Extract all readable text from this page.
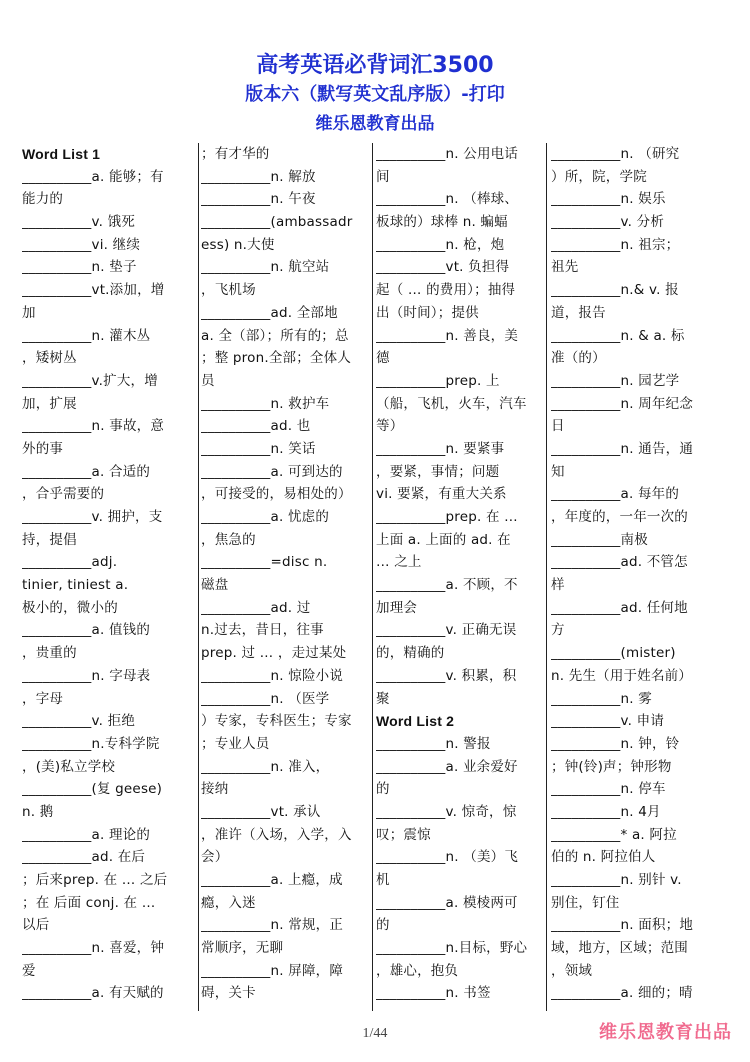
高考英语必背词汇3500
版本六（默写英文乱序版）-打印
维乐恩教育出品
Word List 1
__________a. 能够；有
能力的
__________v. 饿死
__________vi. 继续
__________n. 垫子
__________vt.添加，增
加
__________n. 灌木丛
，矮树丛
__________v.扩大，增
加，扩展
__________n. 事故，意
外的事
__________a. 合适的
，合乎需要的
__________v. 拥护，支
持，提倡
__________adj.
tinier, tiniest a.
极小的，微小的
__________a. 值钱的
，贵重的
__________n. 字母表
，字母
__________v. 拒绝
__________n.专科学院
，(美)私立学校
__________(复 geese)
n. 鹅
__________a. 理论的
__________ad. 在后
；后来prep. 在 … 之后
；在 后面 conj. 在 …
以后
__________n. 喜爱，钟
爱
__________a. 有天赋的
；有才华的
__________n. 解放
__________n. 午夜
__________(ambassadr
ess) n.大使
__________n. 航空站
，飞机场
__________ad. 全部地
a. 全（部）；所有的；总
；整 pron.全部；全体人
员
__________n. 救护车
__________ad. 也
__________n. 笑话
__________a. 可到达的
，可接受的，易相处的）
__________a. 忧虑的
，焦急的
__________=disc n.
磁盘
__________ad. 过
n.过去，昔日，往事
prep. 过 … ，走过某处
__________n. 惊险小说
__________n. （医学
）专家，专科医生；专家
；专业人员
__________n. 准入，
接纳
__________vt. 承认
，准许（入场，入学，入
会）
__________a. 上瘾，成
瘾，入迷
__________n. 常规，正
常顺序，无聊
__________n. 屏障，障
碍，关卡
__________n. 公用电话
间
__________n. （棒球、
板球的）球棒 n. 蝙蝠
__________n. 枪，炮
__________vt. 负担得
起（ … 的费用）；抽得
出（时间）；提供
__________n. 善良，美
德
__________prep. 上
（船，飞机，火车，汽车
等）
__________n. 要紧事
，要紧，事情；问题
vi. 要紧，有重大关系
__________prep. 在 …
上面 a. 上面的 ad. 在
… 之上
__________a. 不顾，不
加理会
__________v. 正确无误
的，精确的
__________v. 积累，积
聚
Word List 2
__________n. 警报
__________a. 业余爱好
的
__________v. 惊奇，惊
叹；震惊
__________n. （美）飞
机
__________a. 模棱两可
的
__________n.目标，野心
，雄心，抱负
__________n. 书签
__________n. （研究
）所，院，学院
__________n. 娱乐
__________v. 分析
__________n. 祖宗；
祖先
__________n.& v. 报
道，报告
__________n. & a. 标
准（的）
__________n. 园艺学
__________n. 周年纪念
日
__________n. 通告，通
知
__________a. 每年的
，年度的，一年一次的
__________南极
__________ad. 不管怎
样
__________ad. 任何地
方
__________(mister)
n. 先生（用于姓名前）
__________n. 雾
__________v. 申请
__________n. 钟，铃
；钟(铃)声；钟形物
__________n. 停车
__________n. 4月
__________* a. 阿拉
伯的 n. 阿拉伯人
__________n. 别针 v.
别住，钉住
__________n. 面积；地
域，地方，区域；范围
，领域
__________a. 细的；晴
1/44	维乐恩教育出品
